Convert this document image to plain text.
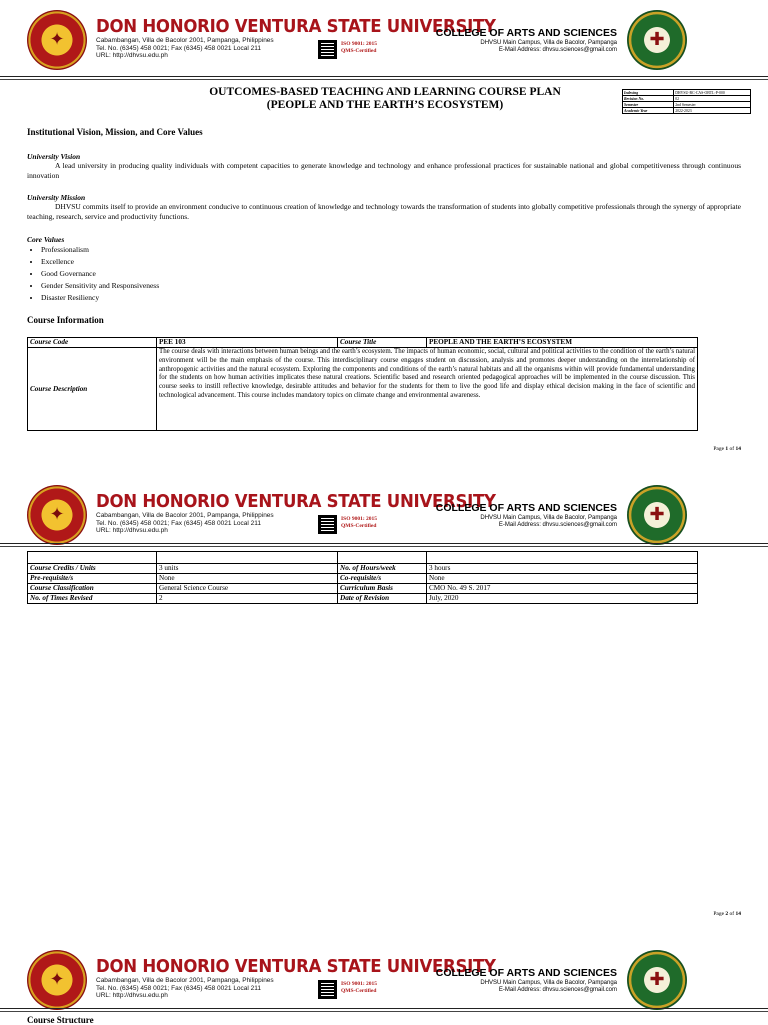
✦
DON HONORIO VENTURA STATE UNIVERSITY
Cabambangan, Villa de Bacolor 2001, Pampanga, Philippines
Tel. No. (6345) 458 0021; Fax (6345) 458 0021 Local 211
URL: http://dhvsu.edu.ph
ISO 9001: 2015
QMS-Certified
COLLEGE OF ARTS AND SCIENCES
DHVSU Main Campus, Villa de Bacolor, Pampanga
E-Mail Address: dhvsu.sciences@gmail.com	✚
OUTCOMES-BASED TEACHING AND LEARNING COURSE PLAN
(PEOPLE AND THE EARTH’S ECOSYSTEM)
Indexing	DHVSU-BC-CAS-OBTL-P-000
Revision No.	02
Semester	2nd Semester
Academic Year	2022-2023
Institutional Vision, Mission, and Core Values
University Vision
A lead university in producing quality individuals with competent capacities to generate knowledge and technology and enhance professional practices for sustainable national and global competitiveness through continuous innovation
University Mission
DHVSU commits itself to provide an environment conducive to continuous creation of knowledge and technology towards the transformation of students into globally competitive professionals through the synergy of appropriate teaching, research, service and productivity functions.
Core Values
• Professionalism
• Excellence
• Good Governance
• Gender Sensitivity and Responsiveness
• Disaster Resiliency
Course Information
Course Code	PEE 103	Course Title	PEOPLE AND THE EARTH’S ECOSYSTEM
Course Description	The course deals with interactions between human beings and the earth’s ecosystem. The impacts of human economic, social, cultural and political activities to the condition of the earth’s natural environment will be the main emphasis of the course. This interdisciplinary course engages student on discussion, analysis and promotes deeper understanding on the interrelationship of anthropogenic activities and the natural ecosystem. Exploring the components and conditions of the earth’s natural habitats and all the organisms within will provide fundamental understanding for the students on how human activities implicates these natural creations. Scientific based and research oriented pedagogical approaches will be implemented in the course discussion. This course seeks to instill reflective knowledge, desirable attitudes and behavior for the students for them to live the good life and display ethical decision making in the face of scientific and technological advancement. This course includes mandatory topics on climate change and environmental awareness.		
Page 1 of 14
✦
DON HONORIO VENTURA STATE UNIVERSITY
Cabambangan, Villa de Bacolor 2001, Pampanga, Philippines
Tel. No. (6345) 458 0021; Fax (6345) 458 0021 Local 211
URL: http://dhvsu.edu.ph
ISO 9001: 2015
QMS-Certified
COLLEGE OF ARTS AND SCIENCES
DHVSU Main Campus, Villa de Bacolor, Pampanga
E-Mail Address: dhvsu.sciences@gmail.com	✚

Course Credits / Units	3 units	No. of Hours/week	3 hours
Pre-requisite/s	None	Co-requisite/s	None
Course Classification	General Science Course	Curriculum Basis	CMO No. 49 S. 2017
No. of Times Revised	2	Date of Revision	July, 2020
Page 2 of 14
✦
DON HONORIO VENTURA STATE UNIVERSITY
Cabambangan, Villa de Bacolor 2001, Pampanga, Philippines
Tel. No. (6345) 458 0021; Fax (6345) 458 0021 Local 211
URL: http://dhvsu.edu.ph
ISO 9001: 2015
QMS-Certified
COLLEGE OF ARTS AND SCIENCES
DHVSU Main Campus, Villa de Bacolor, Pampanga
E-Mail Address: dhvsu.sciences@gmail.com	✚
Course Structure
